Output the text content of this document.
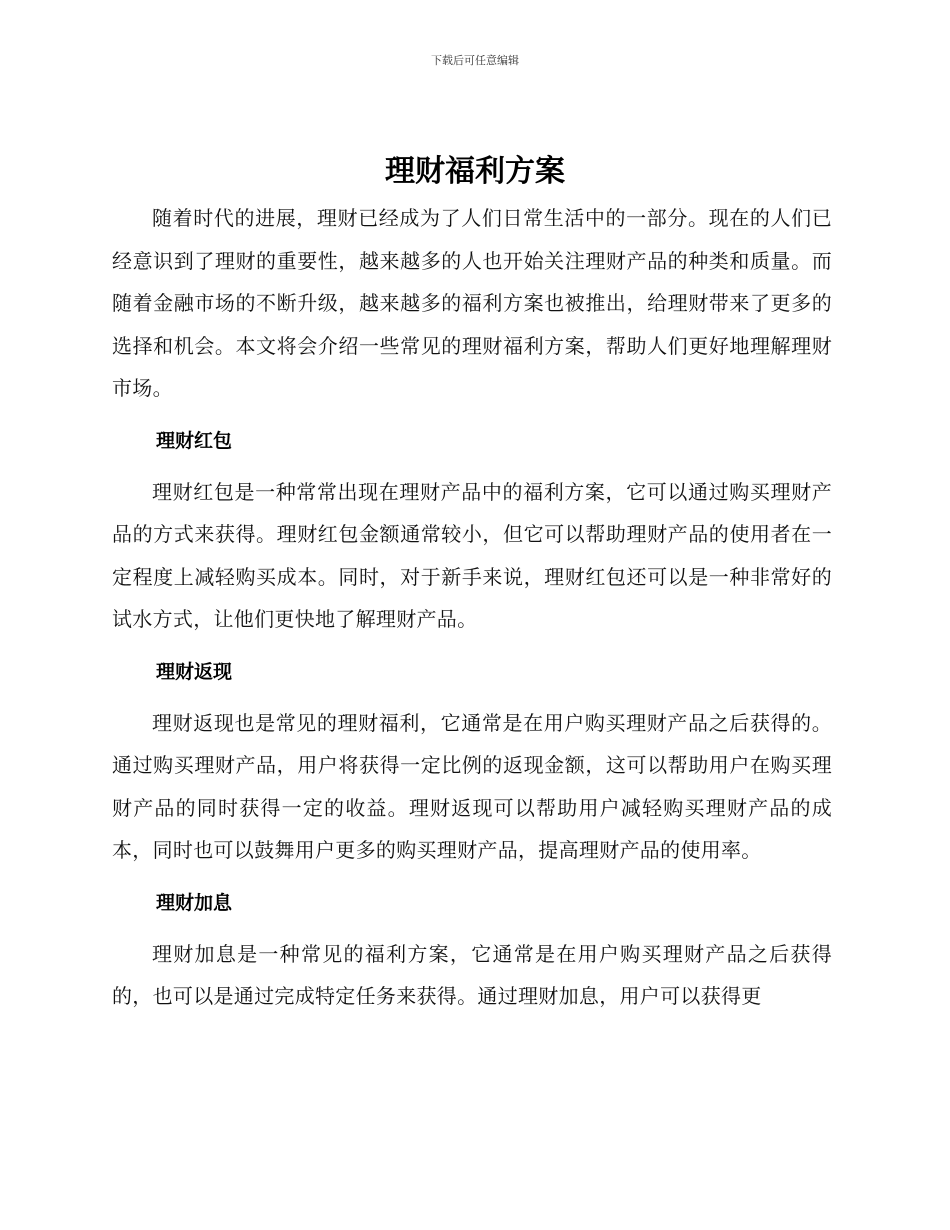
下载后可任意编辑
理财福利方案

随着时代的进展，理财已经成为了人们日常生活中的一部分。现在的人们已经意识到了理财的重要性，越来越多的人也开始关注理财产品的种类和质量。而随着金融市场的不断升级，越来越多的福利方案也被推出，给理财带来了更多的选择和机会。本文将会介绍一些常见的理财福利方案，帮助人们更好地理解理财市场。

理财红包

理财红包是一种常常出现在理财产品中的福利方案，它可以通过购买理财产品的方式来获得。理财红包金额通常较小，但它可以帮助理财产品的使用者在一定程度上减轻购买成本。同时，对于新手来说，理财红包还可以是一种非常好的试水方式，让他们更快地了解理财产品。

理财返现

理财返现也是常见的理财福利，它通常是在用户购买理财产品之后获得的。通过购买理财产品，用户将获得一定比例的返现金额，这可以帮助用户在购买理财产品的同时获得一定的收益。理财返现可以帮助用户减轻购买理财产品的成本，同时也可以鼓舞用户更多的购买理财产品，提高理财产品的使用率。

理财加息

理财加息是一种常见的福利方案，它通常是在用户购买理财产品之后获得的，也可以是通过完成特定任务来获得。通过理财加息，用户可以获得更
